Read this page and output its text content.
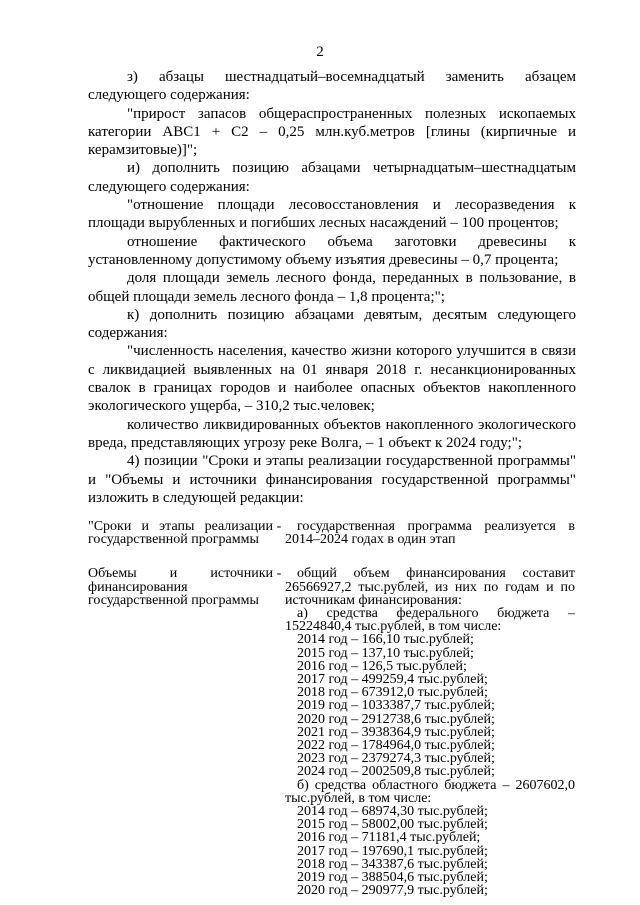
2

з) абзацы шестнадцатый–восемнадцатый заменить абзацем следующего содержания:

"прирост запасов общераспространенных полезных ископаемых категории АВС1 + С2 – 0,25 млн.куб.метров [глины (кирпичные и керамзитовые)]";

и) дополнить позицию абзацами четырнадцатым–шестнадцатым следующего содержания:

"отношение площади лесовосстановления и лесоразведения к площади вырубленных и погибших лесных насаждений – 100 процентов;

отношение фактического объема заготовки древесины к установленному допустимому объему изъятия древесины – 0,7 процента;

доля площади земель лесного фонда, переданных в пользование, в общей площади земель лесного фонда – 1,8 процента;";

к) дополнить позицию абзацами девятым, десятым следующего содержания:

"численность населения, качество жизни которого улучшится в связи с ликвидацией выявленных на 01 января 2018 г. несанкционированных свалок в границах городов и наиболее опасных объектов накопленного экологического ущерба, – 310,2 тыс.человек;

количество ликвидированных объектов накопленного экологического вреда, представляющих угрозу реке Волга, – 1 объект к 2024 году;";

4) позиции "Сроки и этапы реализации государственной программы" и "Объемы и источники финансирования государственной программы" изложить в следующей редакции:

"Сроки и этапы реализации государственной программы
-	государственная программа реализуется в 2014–2024 годах в один этап

Объемы и источники финансирования государственной программы
-	общий объем финансирования составит 26566927,2 тыс.рублей, из них по годам и по источникам финансирования:

а) средства федерального бюджета – 15224840,4 тыс.рублей, в том числе:

2014 год – 166,10 тыс.рублей;

2015 год – 137,10 тыс.рублей;

2016 год – 126,5 тыс.рублей;

2017 год – 499259,4 тыс.рублей;

2018 год – 673912,0 тыс.рублей;

2019 год – 1033387,7 тыс.рублей;

2020 год – 2912738,6 тыс.рублей;

2021 год – 3938364,9 тыс.рублей;

2022 год – 1784964,0 тыс.рублей;

2023 год – 2379274,3 тыс.рублей;

2024 год – 2002509,8 тыс.рублей;

б) средства областного бюджета – 2607602,0 тыс.рублей, в том числе:

2014 год – 68974,30 тыс.рублей;

2015 год – 58002,00 тыс.рублей;

2016 год – 71181,4 тыс.рублей;

2017 год – 197690,1 тыс.рублей;

2018 год – 343387,6 тыс.рублей;

2019 год – 388504,6 тыс.рублей;

2020 год – 290977,9 тыс.рублей;
